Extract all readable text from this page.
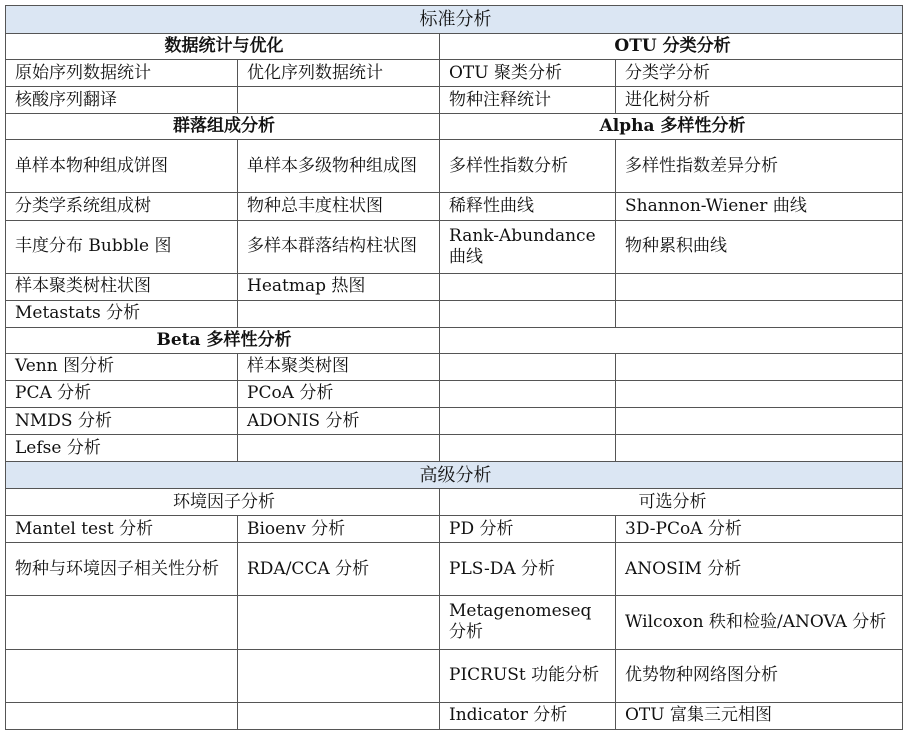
标准分析			
数据统计与优化		OTU 分类分析	
原始序列数据统计	优化序列数据统计	OTU 聚类分析	分类学分析
核酸序列翻译		物种注释统计	进化树分析
群落组成分析		Alpha 多样性分析	
单样本物种组成饼图	单样本多级物种组成图	多样性指数分析	多样性指数差异分析
分类学系统组成树	物种总丰度柱状图	稀释性曲线	Shannon-Wiener 曲线
丰度分布 Bubble 图	多样本群落结构柱状图	Rank-Abundance 曲线	物种累积曲线
样本聚类树柱状图	Heatmap 热图		
Metastats 分析			
Beta 多样性分析			
Venn 图分析	样本聚类树图		
PCA 分析	PCoA 分析		
NMDS 分析	ADONIS 分析		
Lefse 分析			
高级分析			
环境因子分析		可选分析	
Mantel test 分析	Bioenv 分析	PD 分析	3D-PCoA 分析
物种与环境因子相关性分析	RDA/CCA 分析	PLS-DA 分析	ANOSIM 分析
		Metagenomeseq 分析	Wilcoxon 秩和检验/ANOVA 分析
		PICRUSt 功能分析	优势物种网络图分析
		Indicator 分析	OTU 富集三元相图
